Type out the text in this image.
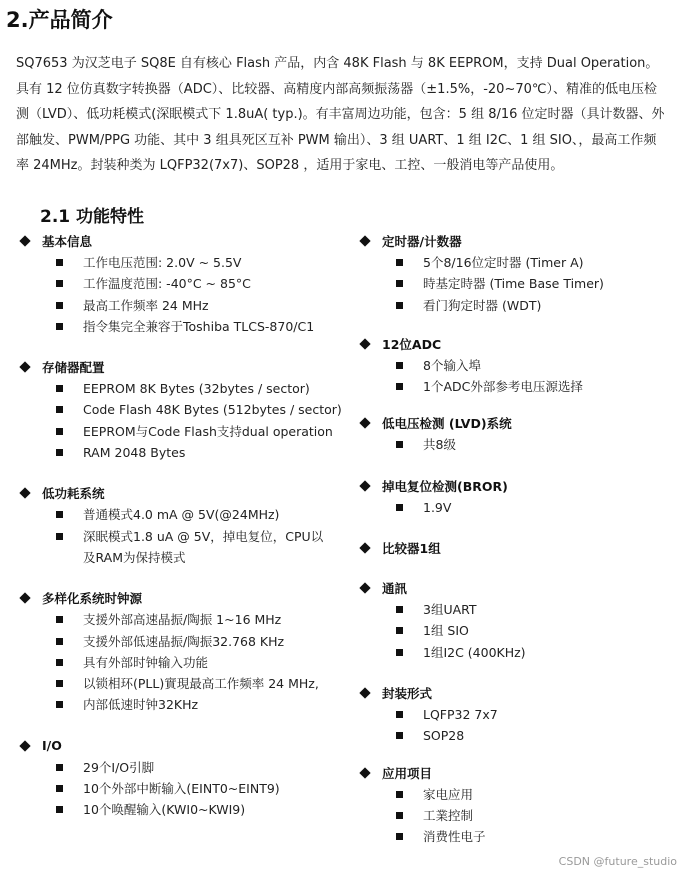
2.产品简介

SQ7653 为汉芝电子 SQ8E 自有核心 Flash 产品，内含 48K Flash 与 8K EEPROM，支持 Dual Operation。具有 12 位仿真数字转换器（ADC）、比较器、高精度内部高频振荡器（±1.5%，-20~70℃）、精准的低电压检测（LVD）、低功耗模式(深眠模式下 1.8uA( typ.)。有丰富周边功能，包含：5 组 8/16 位定时器（具计数器、外部触发、PWM/PPG 功能、其中 3 组具死区互补 PWM 输出）、3 组 UART、1 组 I2C、1 组 SIO、，最高工作频率 24MHz。封装种类为 LQFP32(7x7)、SOP28 ，适用于家电、工控、一般消电等产品使用。

2.1 功能特性
基本信息
工作电压范围: 2.0V ~ 5.5V
工作温度范围: -40°C ~ 85°C
最高工作频率 24 MHz
指令集完全兼容于Toshiba TLCS-870/C1
存储器配置
EEPROM 8K Bytes (32bytes / sector)
Code Flash 48K Bytes (512bytes / sector)
EEPROM与Code Flash支持dual operation
RAM 2048 Bytes
低功耗系统
普通模式4.0 mA @ 5V(@24MHz)
深眠模式1.8 uA @ 5V，掉电复位，CPU以及RAM为保持模式
多样化系统时钟源
支援外部高速晶振/陶振 1~16 MHz
支援外部低速晶振/陶振32.768 KHz
具有外部时钟输入功能
以锁相环(PLL)實現最高工作频率 24 MHz,
内部低速时钟32KHz
I/O
29个I/O引脚
10个外部中断输入(EINT0~EINT9)
10个唤醒输入(KWI0~KWI9)
定时器/计数器
5个8/16位定时器 (Timer A)
時基定時器 (Time Base Timer)
看门狗定时器 (WDT)
12位ADC
8个输入埠
1个ADC外部参考电压源选择
低电压检测 (LVD)系统
共8级
掉电复位检测(BROR)
1.9V
比较器1组
通訊
3组UART
1组 SIO
1组I2C (400KHz)
封装形式
LQFP32 7x7
SOP28
应用项目
家电应用
工業控制
消费性电子
CSDN @future_studio
